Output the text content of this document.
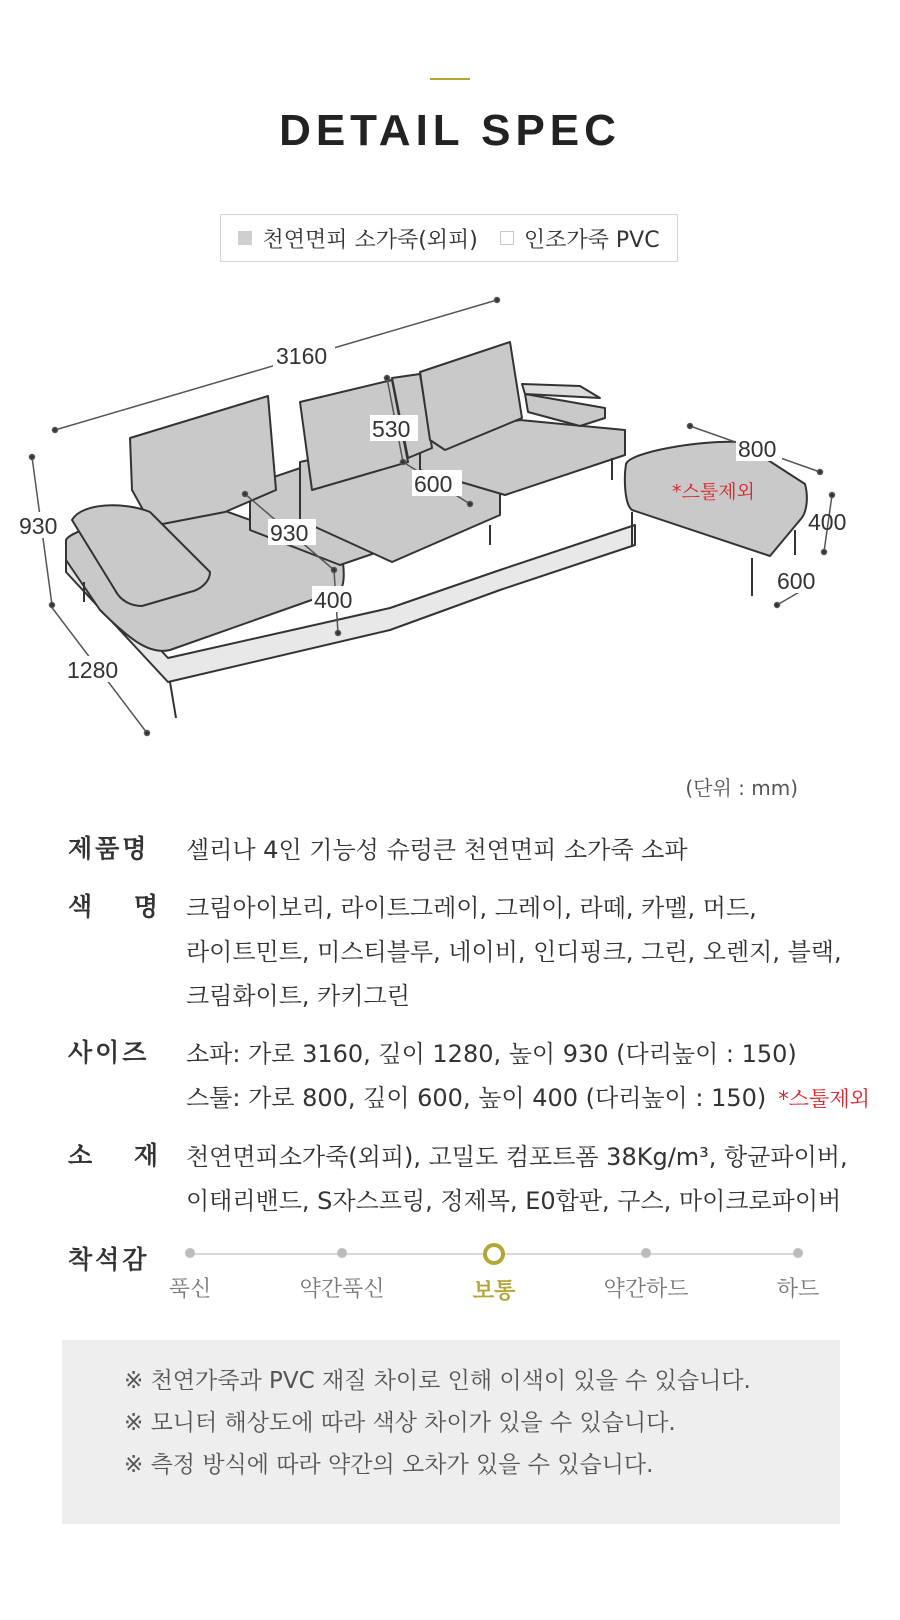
DETAIL SPEC
천연면피 소가죽(외피) 인조가죽 PVC
3160
930
530
600
930
400
1280
800
400
600
*스툴제외
(단위 : mm)
제품명	셀리나 4인 기능성 슈렁큰 천연면피 소가죽 소파
색 명 크림아이보리, 라이트그레이, 그레이, 라떼, 카멜, 머드,
라이트민트, 미스티블루, 네이비, 인디핑크, 그린, 오렌지, 블랙,
크림화이트, 카키그린
사이즈	소파: 가로 3160, 깊이 1280, 높이 930 (다리높이 : 150)
스툴: 가로 800, 깊이 600, 높이 400 (다리높이 : 150) *스툴제외
소 재 천연면피소가죽(외피), 고밀도 컴포트폼 38Kg/m³, 항균파이버,
이태리밴드, S자스프링, 정제목, E0합판, 구스, 마이크로파이버
착석감
푹신	약간푹신	보통	약간하드	하드
※ 천연가죽과 PVC 재질 차이로 인해 이색이 있을 수 있습니다.
※ 모니터 해상도에 따라 색상 차이가 있을 수 있습니다.
※ 측정 방식에 따라 약간의 오차가 있을 수 있습니다.
